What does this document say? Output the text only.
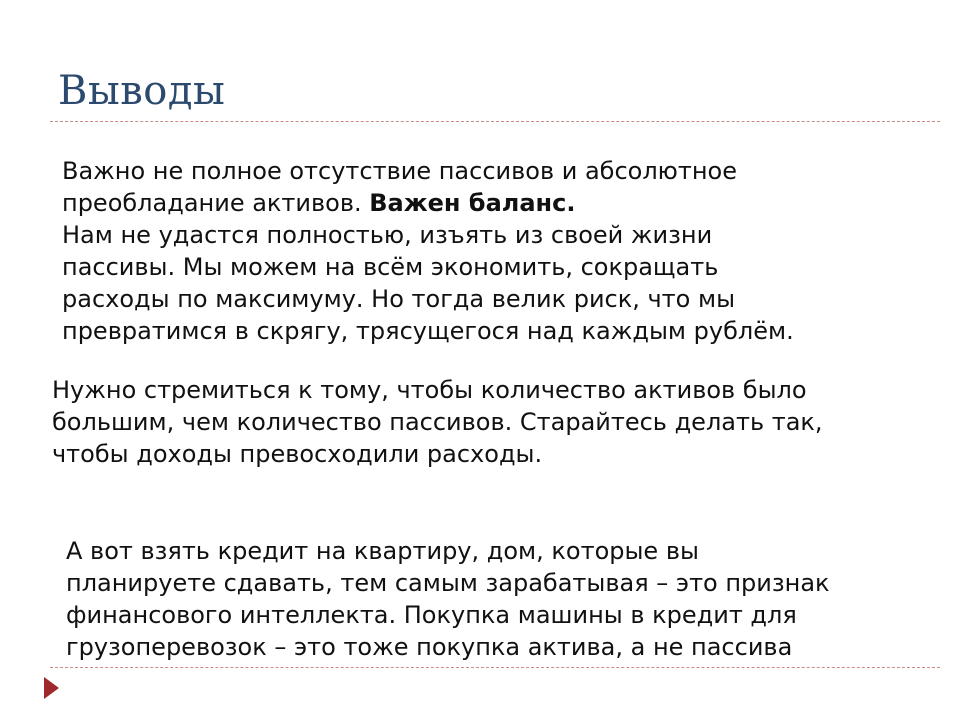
Выводы
Важно не полное отсутствие пассивов и абсолютное
преобладание активов. Важен баланс.
Нам не удастся полностью, изъять из своей жизни
пассивы. Мы можем на всём экономить, сокращать
расходы по максимуму. Но тогда велик риск, что мы
превратимся в скрягу, трясущегося над каждым рублём.
Нужно стремиться к тому, чтобы количество активов было
большим, чем количество пассивов. Старайтесь делать так,
чтобы доходы превосходили расходы.
А вот взять кредит на квартиру, дом, которые вы
планируете сдавать, тем самым зарабатывая – это признак
финансового интеллекта. Покупка машины в кредит для
грузоперевозок – это тоже покупка актива, а не пассива
